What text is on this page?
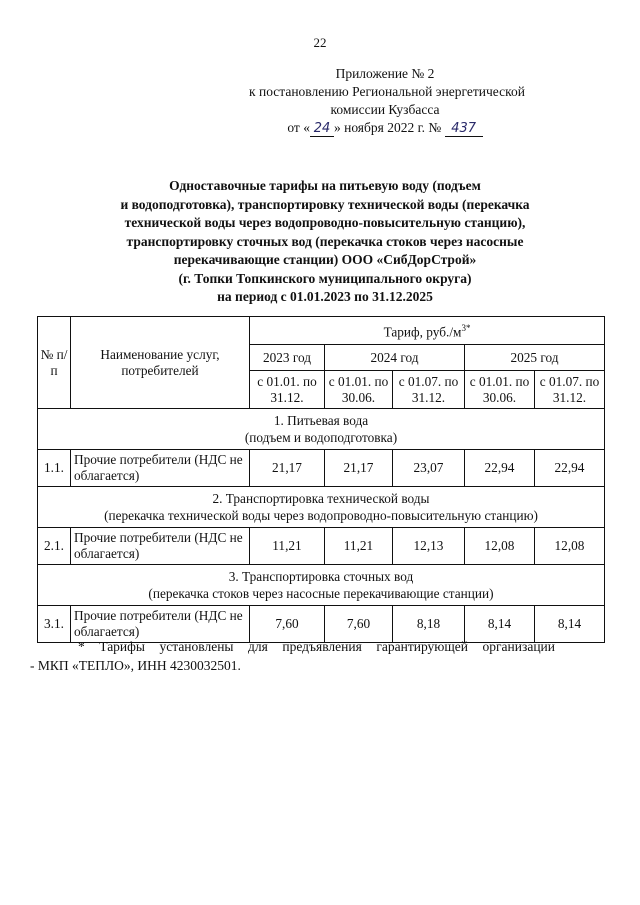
22
Приложение № 2
к постановлению Региональной энергетической
комиссии Кузбасса
от « 24 » ноября 2022 г. № 437
Одноставочные тарифы на питьевую воду (подъем
и водоподготовка), транспортировку технической воды (перекачка
технической воды через водопроводно-повысительную станцию),
транспортировку сточных вод (перекачка стоков через насосные
перекачивающие станции) ООО «СибДорСтрой»
(г. Топки Топкинского муниципального округа)
на период с 01.01.2023 по 31.12.2025
№ п/п	Наименование услуг, потребителей	Тариф, $руб./м^{3*}$
		2023 год	2024 год		2025 год	
		с 01.01. по 31.12.	с 01.01. по 30.06.	с 01.07. по 31.12.	с 01.01. по 30.06.	с 01.07. по 31.12.

1. Питьевая вода
(подъем и водоподготовка)						

1.1.	Прочие потребители (НДС не облагается)	21,17	21,17	23,07	22,94	22,94

2. Транспортировка технической воды
(перекачка технической воды через водопроводно-повысительную станцию)						

2.1.	Прочие потребители (НДС не облагается)	11,21	11,21	12,13	12,08	12,08

3. Транспортировка сточных вод
(перекачка стоков через насосные перекачивающие станции)						

3.1.	Прочие потребители (НДС не облагается)	7,60	7,60	8,18	8,14	8,14
* Тарифы установлены для предъявления гарантирующей организации
- МКП «ТЕПЛО», ИНН 4230032501.
